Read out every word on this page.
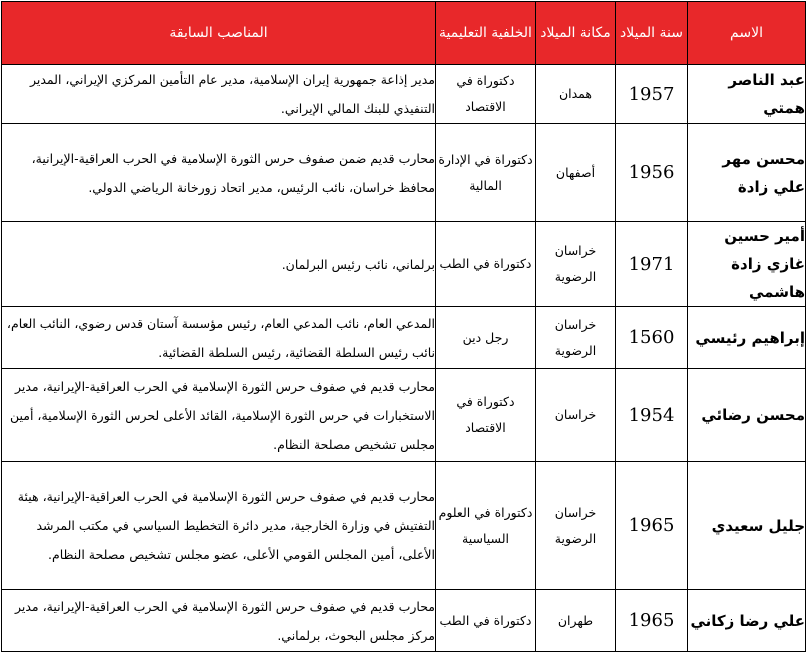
الاسم	سنة الميلاد	مكانة الميلاد	الخلفية التعليمية	المناصب السابقة
عبد الناصر همتي	1957	همدان	دكتوراة في الاقتصاد	مدير إذاعة جمهورية إيران الإسلامية، مدير عام التأمين المركزي الإيراني، المدير التنفيذي للبنك المالي الإيراني.
محسن مهر علي زادة	1956	أصفهان	دكتوراة في الإدارة المالية	محارب قديم ضمن صفوف حرس الثورة الإسلامية في الحرب العراقية-الإيرانية، محافظ خراسان، نائب الرئيس، مدير اتحاد زورخانة الرياضي الدولي.
أمير حسين غازي زادة هاشمي	1971	خراسان الرضوية	دكتوراة في الطب	برلماني، نائب رئيس البرلمان.
إبراهيم رئيسي	1560	خراسان الرضوية	رجل دين	المدعي العام، نائب المدعي العام، رئيس مؤسسة آستان قدس رضوي، النائب العام، نائب رئيس السلطة القضائية، رئيس السلطة القضائية.
محسن رضائي	1954	خراسان	دكتوراة في الاقتصاد	محارب قديم في صفوف حرس الثورة الإسلامية في الحرب العراقية-الإيرانية، مدير الاستخبارات في حرس الثورة الإسلامية، القائد الأعلى لحرس الثورة الإسلامية، أمين مجلس تشخيص مصلحة النظام.
جليل سعيدي	1965	خراسان الرضوية	دكتوراة في العلوم السياسية	محارب قديم في صفوف حرس الثورة الإسلامية في الحرب العراقية-الإيرانية، هيئة التفتيش في وزارة الخارجية، مدير دائرة التخطيط السياسي في مكتب المرشد الأعلى، أمين المجلس القومي الأعلى، عضو مجلس تشخيص مصلحة النظام.
علي رضا زكاني	1965	طهران	دكتوراة في الطب	محارب قديم في صفوف حرس الثورة الإسلامية في الحرب العراقية-الإيرانية، مدير مركز مجلس البحوث، برلماني.
